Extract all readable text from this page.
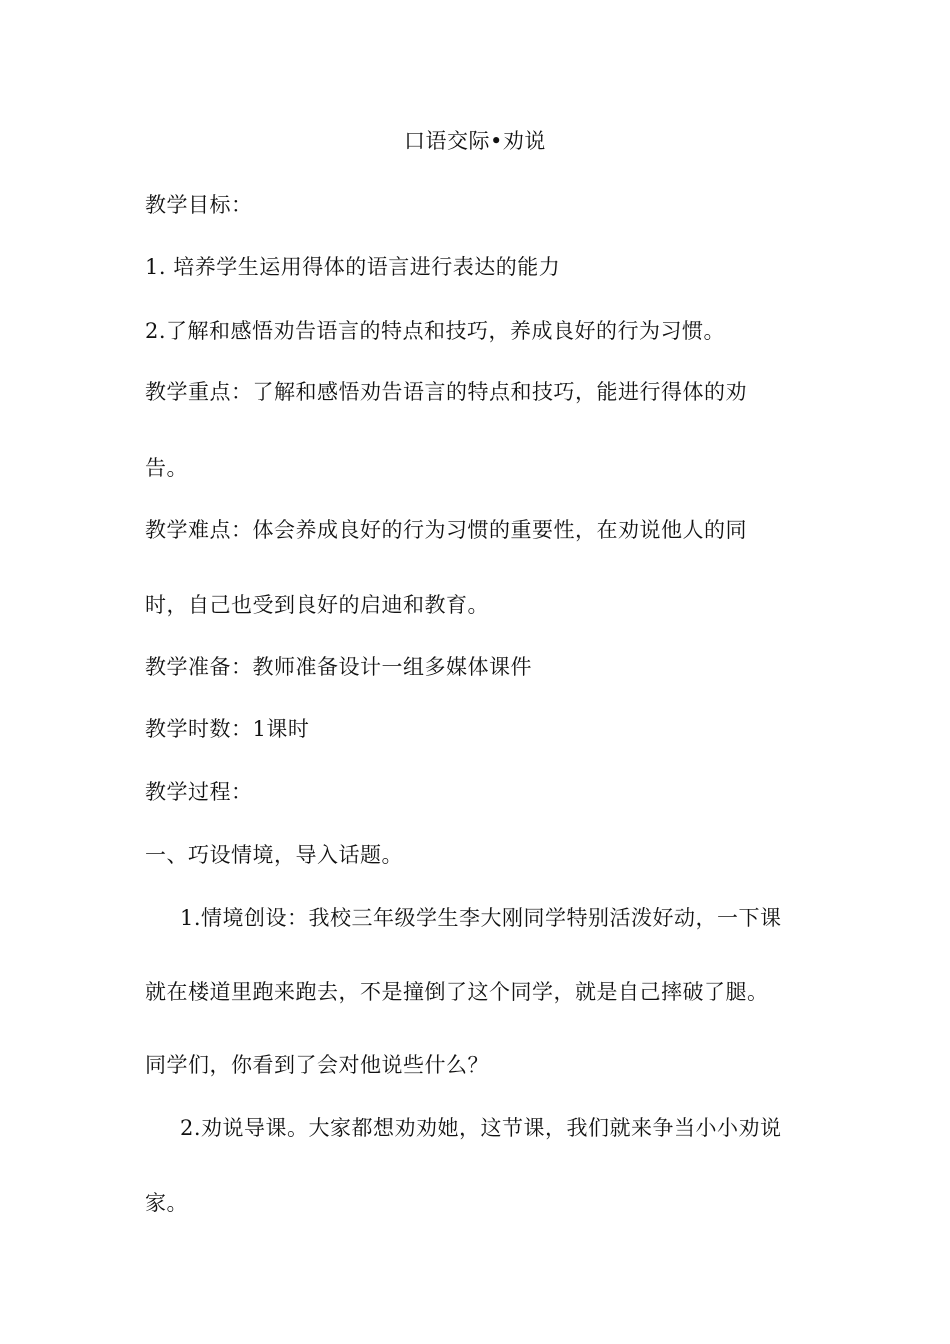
口语交际•劝说
教学目标：
1. 培养学生运用得体的语言进行表达的能力
2.了解和感悟劝告语言的特点和技巧，养成良好的行为习惯。
教学重点：了解和感悟劝告语言的特点和技巧，能进行得体的劝
告。
教学难点：体会养成良好的行为习惯的重要性，在劝说他人的同
时，自己也受到良好的启迪和教育。
教学准备：教师准备设计一组多媒体课件
教学时数：1课时
教学过程：
一、巧设情境，导入话题。
1.情境创设：我校三年级学生李大刚同学特别活泼好动，一下课
就在楼道里跑来跑去，不是撞倒了这个同学，就是自己摔破了腿。
同学们，你看到了会对他说些什么？
2.劝说导课。大家都想劝劝她，这节课，我们就来争当小小劝说
家。
